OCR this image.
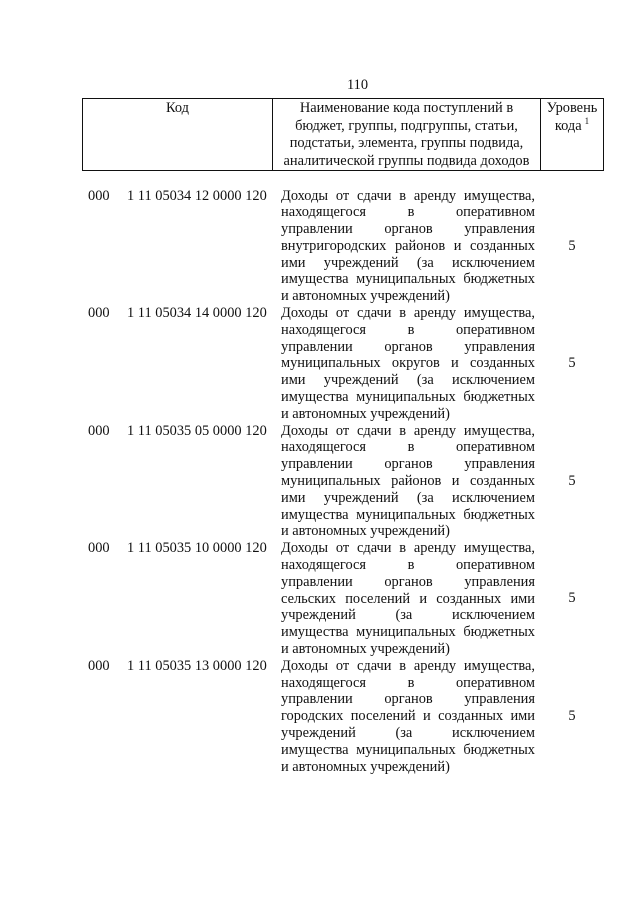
110
Код	Наименование кода поступлений в
бюджет, группы, подгруппы, статьи,
подстатьи, элемента, группы подвида,
аналитической группы подвида доходов
Уровень
кода $^1$
000 1 11 05034 12 0000 120 Доходы от сдачи в аренду имущества,
находящегося в оперативном
управлении органов управления
внутригородских районов и созданных
ими учреждений (за исключением
имущества муниципальных бюджетных
и автономных учреждений)
5
000 1 11 05034 14 0000 120 Доходы от сдачи в аренду имущества,
находящегося в оперативном
управлении органов управления
муниципальных округов и созданных
ими учреждений (за исключением
имущества муниципальных бюджетных
и автономных учреждений)
5
000 1 11 05035 05 0000 120 Доходы от сдачи в аренду имущества,
находящегося в оперативном
управлении органов управления
муниципальных районов и созданных
ими учреждений (за исключением
имущества муниципальных бюджетных
и автономных учреждений)
5
000 1 11 05035 10 0000 120 Доходы от сдачи в аренду имущества,
находящегося в оперативном
управлении органов управления
сельских поселений и созданных ими
учреждений (за исключением
имущества муниципальных бюджетных
и автономных учреждений)
5
000 1 11 05035 13 0000 120 Доходы от сдачи в аренду имущества,
находящегося в оперативном
управлении органов управления
городских поселений и созданных ими
учреждений (за исключением
имущества муниципальных бюджетных
и автономных учреждений)
5
